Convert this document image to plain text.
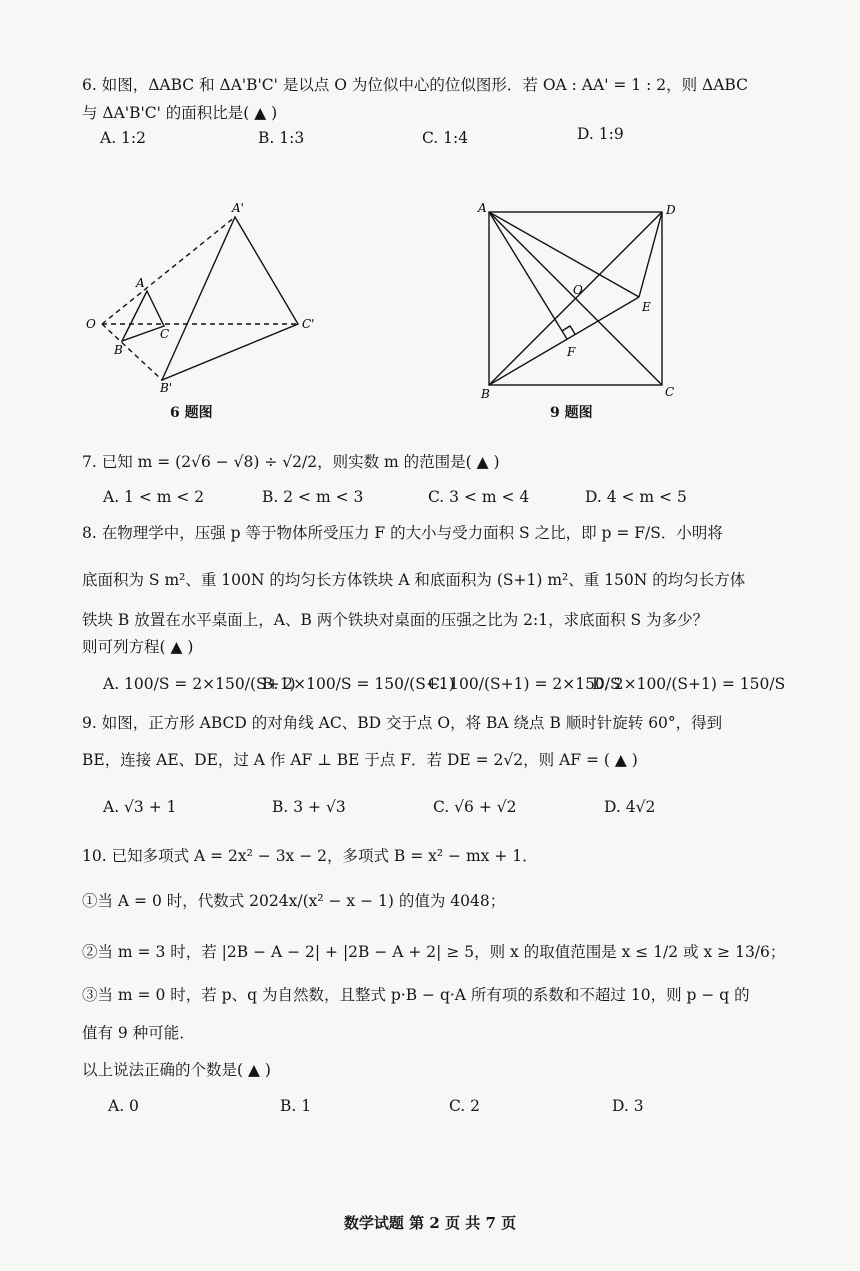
6. 如图，ΔABC 和 ΔA'B'C' 是以点 O 为位似中心的位似图形．若 OA : AA' = 1 : 2，则 ΔABC
与 ΔA'B'C' 的面积比是( ▲ )
A. 1:2	B. 1:3	C. 1:4	D. 1:9
A'
A
O
C
C'
B
B'
6 题图
A	D
O
E
F
B	C
9 题图
7. 已知 m = (2√6 − √8) ÷ √2/2，则实数 m 的范围是( ▲ )
A. 1 < m < 2	B. 2 < m < 3	C. 3 < m < 4	D. 4 < m < 5
8. 在物理学中，压强 p 等于物体所受压力 F 的大小与受力面积 S 之比，即 p = F/S．小明将
底面积为 S m²、重 100N 的均匀长方体铁块 A 和底面积为 (S+1) m²、重 150N 的均匀长方体
铁块 B 放置在水平桌面上，A、B 两个铁块对桌面的压强之比为 2:1，求底面积 S 为多少？
则可列方程( ▲ )
A. 100/S = 2×150/(S+1)
B. 2×100/S = 150/(S+1)
C. 100/(S+1) = 2×150/S
D. 2×100/(S+1) = 150/S
9. 如图，正方形 ABCD 的对角线 AC、BD 交于点 O，将 BA 绕点 B 顺时针旋转 60°，得到
BE，连接 AE、DE，过 A 作 AF ⊥ BE 于点 F．若 DE = 2√2，则 AF = ( ▲ )
A. √3 + 1	B. 3 + √3	C. √6 + √2	D. 4√2
10. 已知多项式 A = 2x² − 3x − 2，多项式 B = x² − mx + 1．
①当 A = 0 时，代数式 2024x/(x² − x − 1) 的值为 4048；
②当 m = 3 时，若 |2B − A − 2| + |2B − A + 2| ≥ 5，则 x 的取值范围是 x ≤ 1/2 或 x ≥ 13/6；
③当 m = 0 时，若 p、q 为自然数，且整式 p·B − q·A 所有项的系数和不超过 10，则 p − q 的
值有 9 种可能．
以上说法正确的个数是( ▲ )
A. 0	B. 1	C. 2	D. 3
数学试题 第 2 页 共 7 页
